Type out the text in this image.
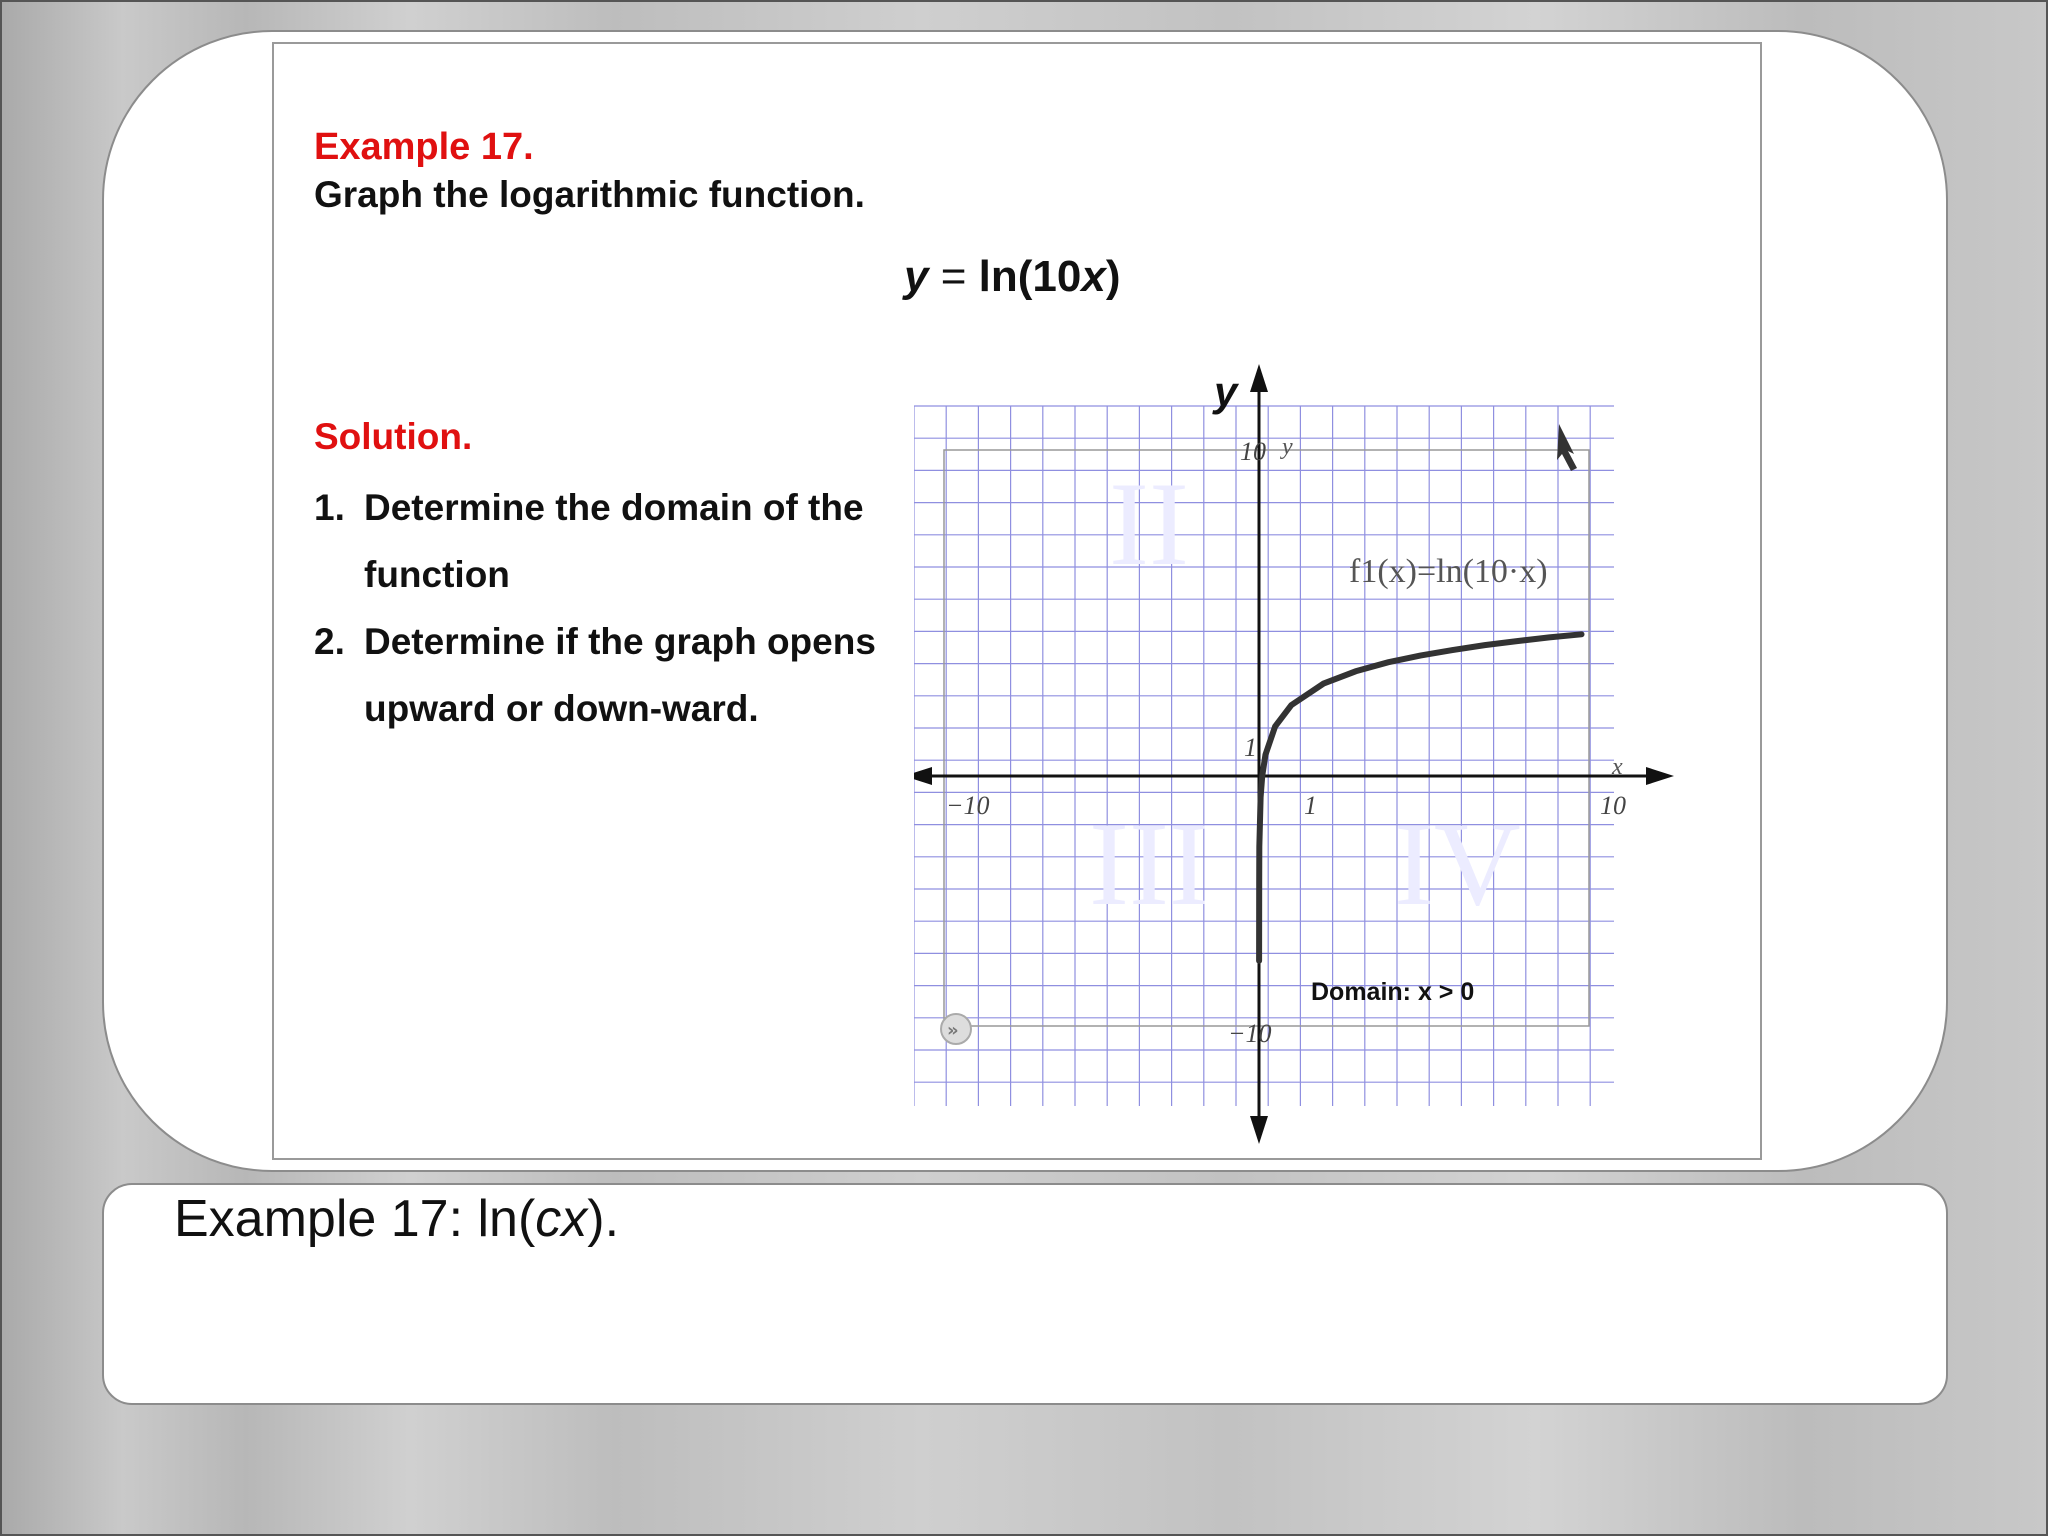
Example 17.
Graph the logarithmic function.
y = ln(10x)
Solution.
1. Determine the domain of the function
2. Determine if the graph opens upward or down-ward.
II
III IV
y
y
x
−10	10
10
−10
1
1
f1(x)=ln(10·x)
Domain: x > 0
»
Example 17: ln(cx).
